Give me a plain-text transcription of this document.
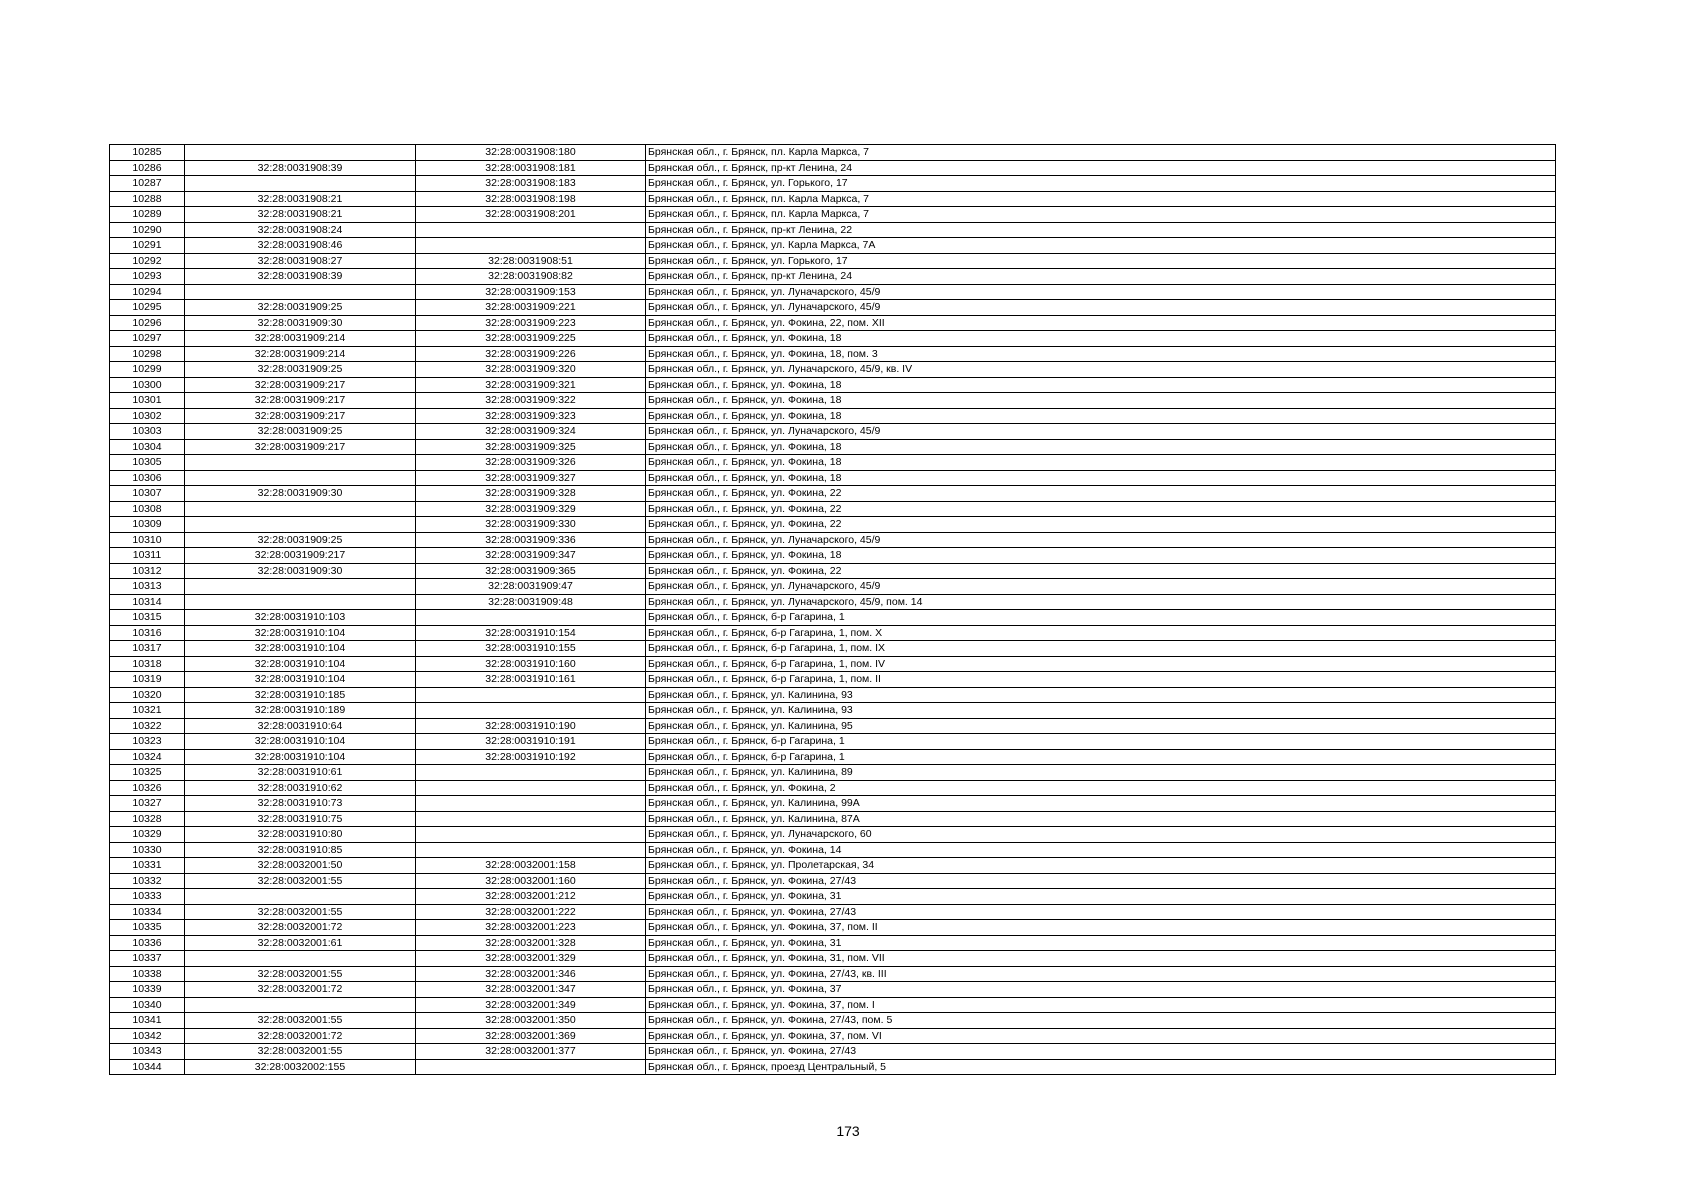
10285		32:28:0031908:180	Брянская обл., г. Брянск, пл. Карла Маркса, 7
10286	32:28:0031908:39	32:28:0031908:181	Брянская обл., г. Брянск, пр-кт Ленина, 24
10287		32:28:0031908:183	Брянская обл., г. Брянск, ул. Горького, 17
10288	32:28:0031908:21	32:28:0031908:198	Брянская обл., г. Брянск, пл. Карла Маркса, 7
10289	32:28:0031908:21	32:28:0031908:201	Брянская обл., г. Брянск, пл. Карла Маркса, 7
10290	32:28:0031908:24		Брянская обл., г. Брянск, пр-кт Ленина, 22
10291	32:28:0031908:46		Брянская обл., г. Брянск, ул. Карла Маркса, 7А
10292	32:28:0031908:27	32:28:0031908:51	Брянская обл., г. Брянск, ул. Горького, 17
10293	32:28:0031908:39	32:28:0031908:82	Брянская обл., г. Брянск, пр-кт Ленина, 24
10294		32:28:0031909:153	Брянская обл., г. Брянск, ул. Луначарского, 45/9
10295	32:28:0031909:25	32:28:0031909:221	Брянская обл., г. Брянск, ул. Луначарского, 45/9
10296	32:28:0031909:30	32:28:0031909:223	Брянская обл., г. Брянск, ул. Фокина, 22, пом. XII
10297	32:28:0031909:214	32:28:0031909:225	Брянская обл., г. Брянск, ул. Фокина, 18
10298	32:28:0031909:214	32:28:0031909:226	Брянская обл., г. Брянск, ул. Фокина, 18, пом. 3
10299	32:28:0031909:25	32:28:0031909:320	Брянская обл., г. Брянск, ул. Луначарского, 45/9, кв. IV
10300	32:28:0031909:217	32:28:0031909:321	Брянская обл., г. Брянск, ул. Фокина, 18
10301	32:28:0031909:217	32:28:0031909:322	Брянская обл., г. Брянск, ул. Фокина, 18
10302	32:28:0031909:217	32:28:0031909:323	Брянская обл., г. Брянск, ул. Фокина, 18
10303	32:28:0031909:25	32:28:0031909:324	Брянская обл., г. Брянск, ул. Луначарского, 45/9
10304	32:28:0031909:217	32:28:0031909:325	Брянская обл., г. Брянск, ул. Фокина, 18
10305		32:28:0031909:326	Брянская обл., г. Брянск, ул. Фокина, 18
10306		32:28:0031909:327	Брянская обл., г. Брянск, ул. Фокина, 18
10307	32:28:0031909:30	32:28:0031909:328	Брянская обл., г. Брянск, ул. Фокина, 22
10308		32:28:0031909:329	Брянская обл., г. Брянск, ул. Фокина, 22
10309		32:28:0031909:330	Брянская обл., г. Брянск, ул. Фокина, 22
10310	32:28:0031909:25	32:28:0031909:336	Брянская обл., г. Брянск, ул. Луначарского, 45/9
10311	32:28:0031909:217	32:28:0031909:347	Брянская обл., г. Брянск, ул. Фокина, 18
10312	32:28:0031909:30	32:28:0031909:365	Брянская обл., г. Брянск, ул. Фокина, 22
10313		32:28:0031909:47	Брянская обл., г. Брянск, ул. Луначарского, 45/9
10314		32:28:0031909:48	Брянская обл., г. Брянск, ул. Луначарского, 45/9, пом. 14
10315	32:28:0031910:103		Брянская обл., г. Брянск, б-р Гагарина, 1
10316	32:28:0031910:104	32:28:0031910:154	Брянская обл., г. Брянск, б-р Гагарина, 1, пом. X
10317	32:28:0031910:104	32:28:0031910:155	Брянская обл., г. Брянск, б-р Гагарина, 1, пом. IX
10318	32:28:0031910:104	32:28:0031910:160	Брянская обл., г. Брянск, б-р Гагарина, 1, пом. IV
10319	32:28:0031910:104	32:28:0031910:161	Брянская обл., г. Брянск, б-р Гагарина, 1, пом. II
10320	32:28:0031910:185		Брянская обл., г. Брянск, ул. Калинина, 93
10321	32:28:0031910:189		Брянская обл., г. Брянск, ул. Калинина, 93
10322	32:28:0031910:64	32:28:0031910:190	Брянская обл., г. Брянск, ул. Калинина, 95
10323	32:28:0031910:104	32:28:0031910:191	Брянская обл., г. Брянск, б-р Гагарина, 1
10324	32:28:0031910:104	32:28:0031910:192	Брянская обл., г. Брянск, б-р Гагарина, 1
10325	32:28:0031910:61		Брянская обл., г. Брянск, ул. Калинина, 89
10326	32:28:0031910:62		Брянская обл., г. Брянск, ул. Фокина, 2
10327	32:28:0031910:73		Брянская обл., г. Брянск, ул. Калинина, 99А
10328	32:28:0031910:75		Брянская обл., г. Брянск, ул. Калинина, 87А
10329	32:28:0031910:80		Брянская обл., г. Брянск, ул. Луначарского, 60
10330	32:28:0031910:85		Брянская обл., г. Брянск, ул. Фокина, 14
10331	32:28:0032001:50	32:28:0032001:158	Брянская обл., г. Брянск, ул. Пролетарская, 34
10332	32:28:0032001:55	32:28:0032001:160	Брянская обл., г. Брянск, ул. Фокина, 27/43
10333		32:28:0032001:212	Брянская обл., г. Брянск, ул. Фокина, 31
10334	32:28:0032001:55	32:28:0032001:222	Брянская обл., г. Брянск, ул. Фокина, 27/43
10335	32:28:0032001:72	32:28:0032001:223	Брянская обл., г. Брянск, ул. Фокина, 37, пом. II
10336	32:28:0032001:61	32:28:0032001:328	Брянская обл., г. Брянск, ул. Фокина, 31
10337		32:28:0032001:329	Брянская обл., г. Брянск, ул. Фокина, 31, пом. VII
10338	32:28:0032001:55	32:28:0032001:346	Брянская обл., г. Брянск, ул. Фокина, 27/43, кв. III
10339	32:28:0032001:72	32:28:0032001:347	Брянская обл., г. Брянск, ул. Фокина, 37
10340		32:28:0032001:349	Брянская обл., г. Брянск, ул. Фокина, 37, пом. I
10341	32:28:0032001:55	32:28:0032001:350	Брянская обл., г. Брянск, ул. Фокина, 27/43, пом. 5
10342	32:28:0032001:72	32:28:0032001:369	Брянская обл., г. Брянск, ул. Фокина, 37, пом. VI
10343	32:28:0032001:55	32:28:0032001:377	Брянская обл., г. Брянск, ул. Фокина, 27/43
10344	32:28:0032002:155		Брянская обл., г. Брянск, проезд Центральный, 5
173
